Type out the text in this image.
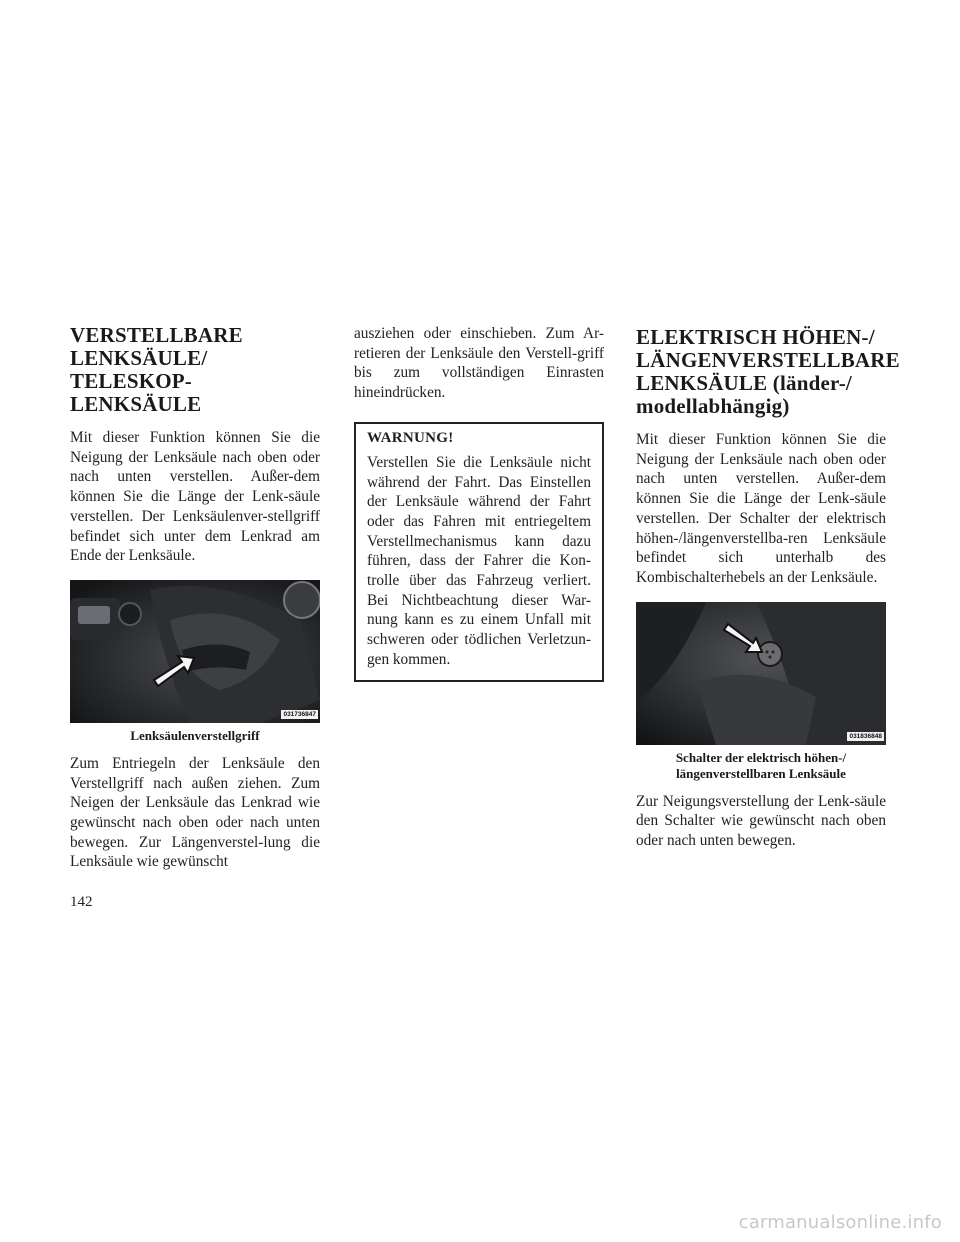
VERSTELLBARE LENKSÄULE/ TELESKOP-LENKSÄULE

Mit dieser Funktion können Sie die Neigung der Lenksäule nach oben oder nach unten verstellen. Außer-dem können Sie die Länge der Lenk-säule verstellen. Der Lenksäulenver-stellgriff befindet sich unter dem Lenkrad am Ende der Lenksäule.

031736847

Lenksäulenverstellgriff

Zum Entriegeln der Lenksäule den Verstellgriff nach außen ziehen. Zum Neigen der Lenksäule das Lenkrad wie gewünscht nach oben oder nach unten bewegen. Zur Längenverstel-lung die Lenksäule wie gewünscht

ausziehen oder einschieben. Zum Ar-retieren der Lenksäule den Verstell-griff bis zum vollständigen Einrasten hineindrücken.

WARNUNG!

Verstellen Sie die Lenksäule nicht während der Fahrt. Das Einstellen der Lenksäule während der Fahrt oder das Fahren mit entriegeltem Verstellmechanismus kann dazu führen, dass der Fahrer die Kon-trolle über das Fahrzeug verliert. Bei Nichtbeachtung dieser War-nung kann es zu einem Unfall mit schweren oder tödlichen Verletzun-gen kommen.

ELEKTRISCH HÖHEN-/ LÄNGENVERSTELLBARE LENKSÄULE (länder-/ modellabhängig)

Mit dieser Funktion können Sie die Neigung der Lenksäule nach oben oder nach unten verstellen. Außer-dem können Sie die Länge der Lenk-säule verstellen. Der Schalter der elektrisch höhen-/längenverstellba-ren Lenksäule befindet sich unterhalb des Kombischalterhebels an der Lenksäule.

031836848

Schalter der elektrisch höhen-/ längenverstellbaren Lenksäule

Zur Neigungsverstellung der Lenk-säule den Schalter wie gewünscht nach oben oder nach unten bewegen.

142
carmanualsonline.info
